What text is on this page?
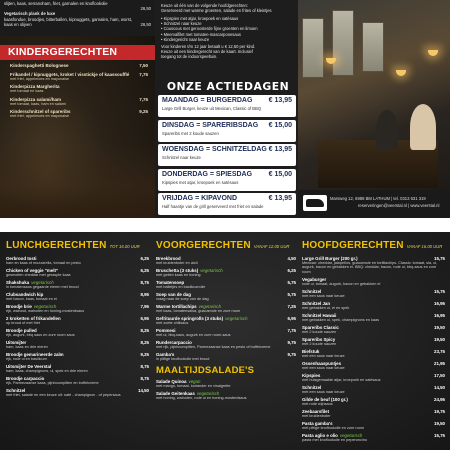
slijten, kaas, serranoham, friet, garnalen en knoflookolie
26,50
Vegetarisch plank de luxe
kaasfondue, broodjes, bitterballen, kipnuggets, garnalen, ham, worst,
kaas en olijven	26,50
KINDERGERECHTEN
Kinderspaghetti Bolognese	7,50
Frikandel / kipnuggets, kroket / visstickje of kaassoufflé 7,75
met friet, appelmoes en mayonaise
Kinderpizza Margherita
met tomaat en kaas
Kinderpizza salami/ham	7,75
met tomaat, kaas, ham en salami
Kinderschnitzel of spareribs	9,25
met friet, appelmoes en mayonaise
Keuze uit één van de volgende hoofdgerechten:
Geserveerd met warme groenten, salade en frites of kleintjes
• Kipspies met atjar, kroepoek en satésaus
• Schnitzel naar keuze
• Couscous met geroosterde fijne groenten en limoen
• Meervalfilet met tomaten-mascarponesaus
• Kindergericht naar keuze
Voor kinderen t/m 12 jaar betaalt u € 12,50 per kind.
Keuze uit een kindergerecht van de kaart. Inclusief
toegang tot de indoorspeeltuin.
ONZE ACTIEDAGEN
MAANDAG = BURGERDAG € 13,95
Large Grill Burger, keuze uit Mexican, Classic of BBQ
DINSDAG = SPARERIBSDAG € 15,00
Spareribs met 2 koude sauzen
WOENSDAG = SCHNITZELDAG € 13,95
Schnitzel naar keuze
DONDERDAG = SPIESDAG € 15,00
Kipspies met atjar, kroepoek en satésaus
VRIJDAG = KIPAVOND	€ 13,95
Half haantje van de grill geserveerd met friet en salade
Marsweg 12, 6988 BM LATHUM | tel. 0313 631 319
reserveringen@veerstal.nl | www.veerstal.nl
LUNCHGERECHTEN TOT 16.00 UUR
Oerbrood tosti	6,25
ham en kaas of mozzarella, tomaat en pesto
Chicken of veggie "melt"	6,25
gesmolten cheddar met geraspte kaas
Shakshuka vegetarisch	8,75
in tomatensaus gegaarde eieren met brood
Clubsandwich kip	8,95
met bacon, kaas, tomaat en ei
Broodje brie vegetarisch	7,95
rijk, walnoot, walnoten en honing-mosterdsaus
2 kroketten of frikandellen	6,95
op brood of met friet
Broodje pulled	8,25
rijk, augurk, bbq saus en zure room saus
Uitsmijter	8,25
ham, kaas en drie eieren
Broodje gemarineerde zalm	9,25
rijk, rode ui en basilicum
Uitsmijter De Veerstal	8,75
ham, kaas, champignons, ui, spek en drie eieren
Broodje carpaccio	8,75
rijk, Parmezaanse kaas, pijnboompitten en truffelcreme
Schnitzel	14,50
met friet, salade en een keuze uit: saté - champignon - of pepersaus
VOORGERECHTEN VANAF 12.00 UUR
Breekbrood	4,50
met kruidenboter en aioli
Bruschetta (3 stuks) vegetarisch	6,25
met geiten kaas en honing
Tomatensoep	5,75
met balletjes en basilicumolie
Soep van de dag	5,75
vraag naar de soep van de dag
Warme tortillachips vegetarisch	7,25
met kaas, tomatensalsa, guacamole en zure room
Gefrituurde springrolls (3 stuks) vegetarisch	6,95
met zoete chilisaus
Pommesi	7,75
met ui, bbq-saus, augurk en zure room-saus
Rundercarpaccio	9,75
met rijk, pijnboompitten, Parmezaanse kaas en pesto of truffelcreme
Gamba's	9,75
in pittige knoflookolie met brood
MAALTIJDSALADE'S
Salade Quinoa vegan
met mango, tomaat, koriander en vinaigrette
Salade Geitenkaas vegetarisch
met honing, walnoten, rode ui en honing-mosterdsaus
HOOFDGERECHTEN VANAF 16.00 UUR
Large Grill Burger (200 gr.)	15,75
Mexican: cheddar, jalapeños, guacamole en tortillachips. Classic: tomaat, sla, ui, augurk, bacon en gebakken ei. BBQ: cheddar, bacon, rode ui, bbq-saus en zure room
Vegaburger
rode ui, tomaat, augurk, bacon en gebakken ei
Schnitzel	15,75
met een saus naar keuze
Schnitzel Jan	16,95
met gebakken ui, ei en spek
Schnitzel Hawaii	16,95
met gebakken ui, spek, champignons en kaas
Spareribs Classic	19,50
met 2 koude sauzen
Spareribs Spicy	19,50
met 2 koude sauzen
Biefstuk	23,75
met een saus naar keuze
Ossenhaaspuntjes	21,95
met een saus naar keuze
Kipspies	17,50
met huisgemaakte atjar, kroepoek en satésaus
Schnitzel	14,50
met een saus naar keuze
Gilde de beuf (100 gr.)	24,95
met rode wijnsaus
Zeebaarsfilet	19,75
met kruidenboter
Pasta gamba's	19,50
met pittige knoflookolie en zure room
Pasta aglio e olio vegetarisch	15,75
pasta met knoflookolie en peperoncino
